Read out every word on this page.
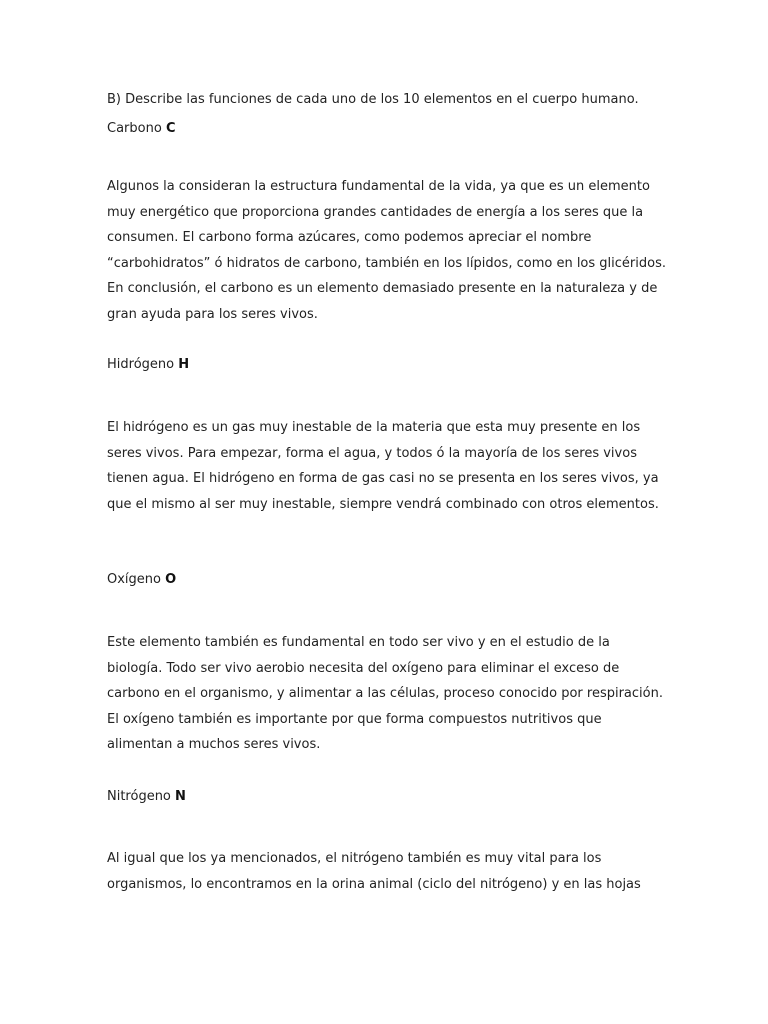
B) Describe las funciones de cada uno de los 10 elementos en el cuerpo humano.

Carbono C

Algunos la consideran la estructura fundamental de la vida, ya que es un elemento muy energético que proporciona grandes cantidades de energía a los seres que la consumen. El carbono forma azúcares, como podemos apreciar el nombre “carbohidratos” ó hidratos de carbono, también en los lípidos, como en los glicéridos. En conclusión, el carbono es un elemento demasiado presente en la naturaleza y de gran ayuda para los seres vivos.

Hidrógeno H

El hidrógeno es un gas muy inestable de la materia que esta muy presente en los seres vivos. Para empezar, forma el agua, y todos ó la mayoría de los seres vivos tienen agua. El hidrógeno en forma de gas casi no se presenta en los seres vivos, ya que el mismo al ser muy inestable, siempre vendrá combinado con otros elementos.

Oxígeno O

Este elemento también es fundamental en todo ser vivo y en el estudio de la biología. Todo ser vivo aerobio necesita del oxígeno para eliminar el exceso de carbono en el organismo, y alimentar a las células, proceso conocido por respiración. El oxígeno también es importante por que forma compuestos nutritivos que alimentan a muchos seres vivos.

Nitrógeno N

Al igual que los ya mencionados, el nitrógeno también es muy vital para los organismos, lo encontramos en la orina animal (ciclo del nitrógeno) y en las hojas
